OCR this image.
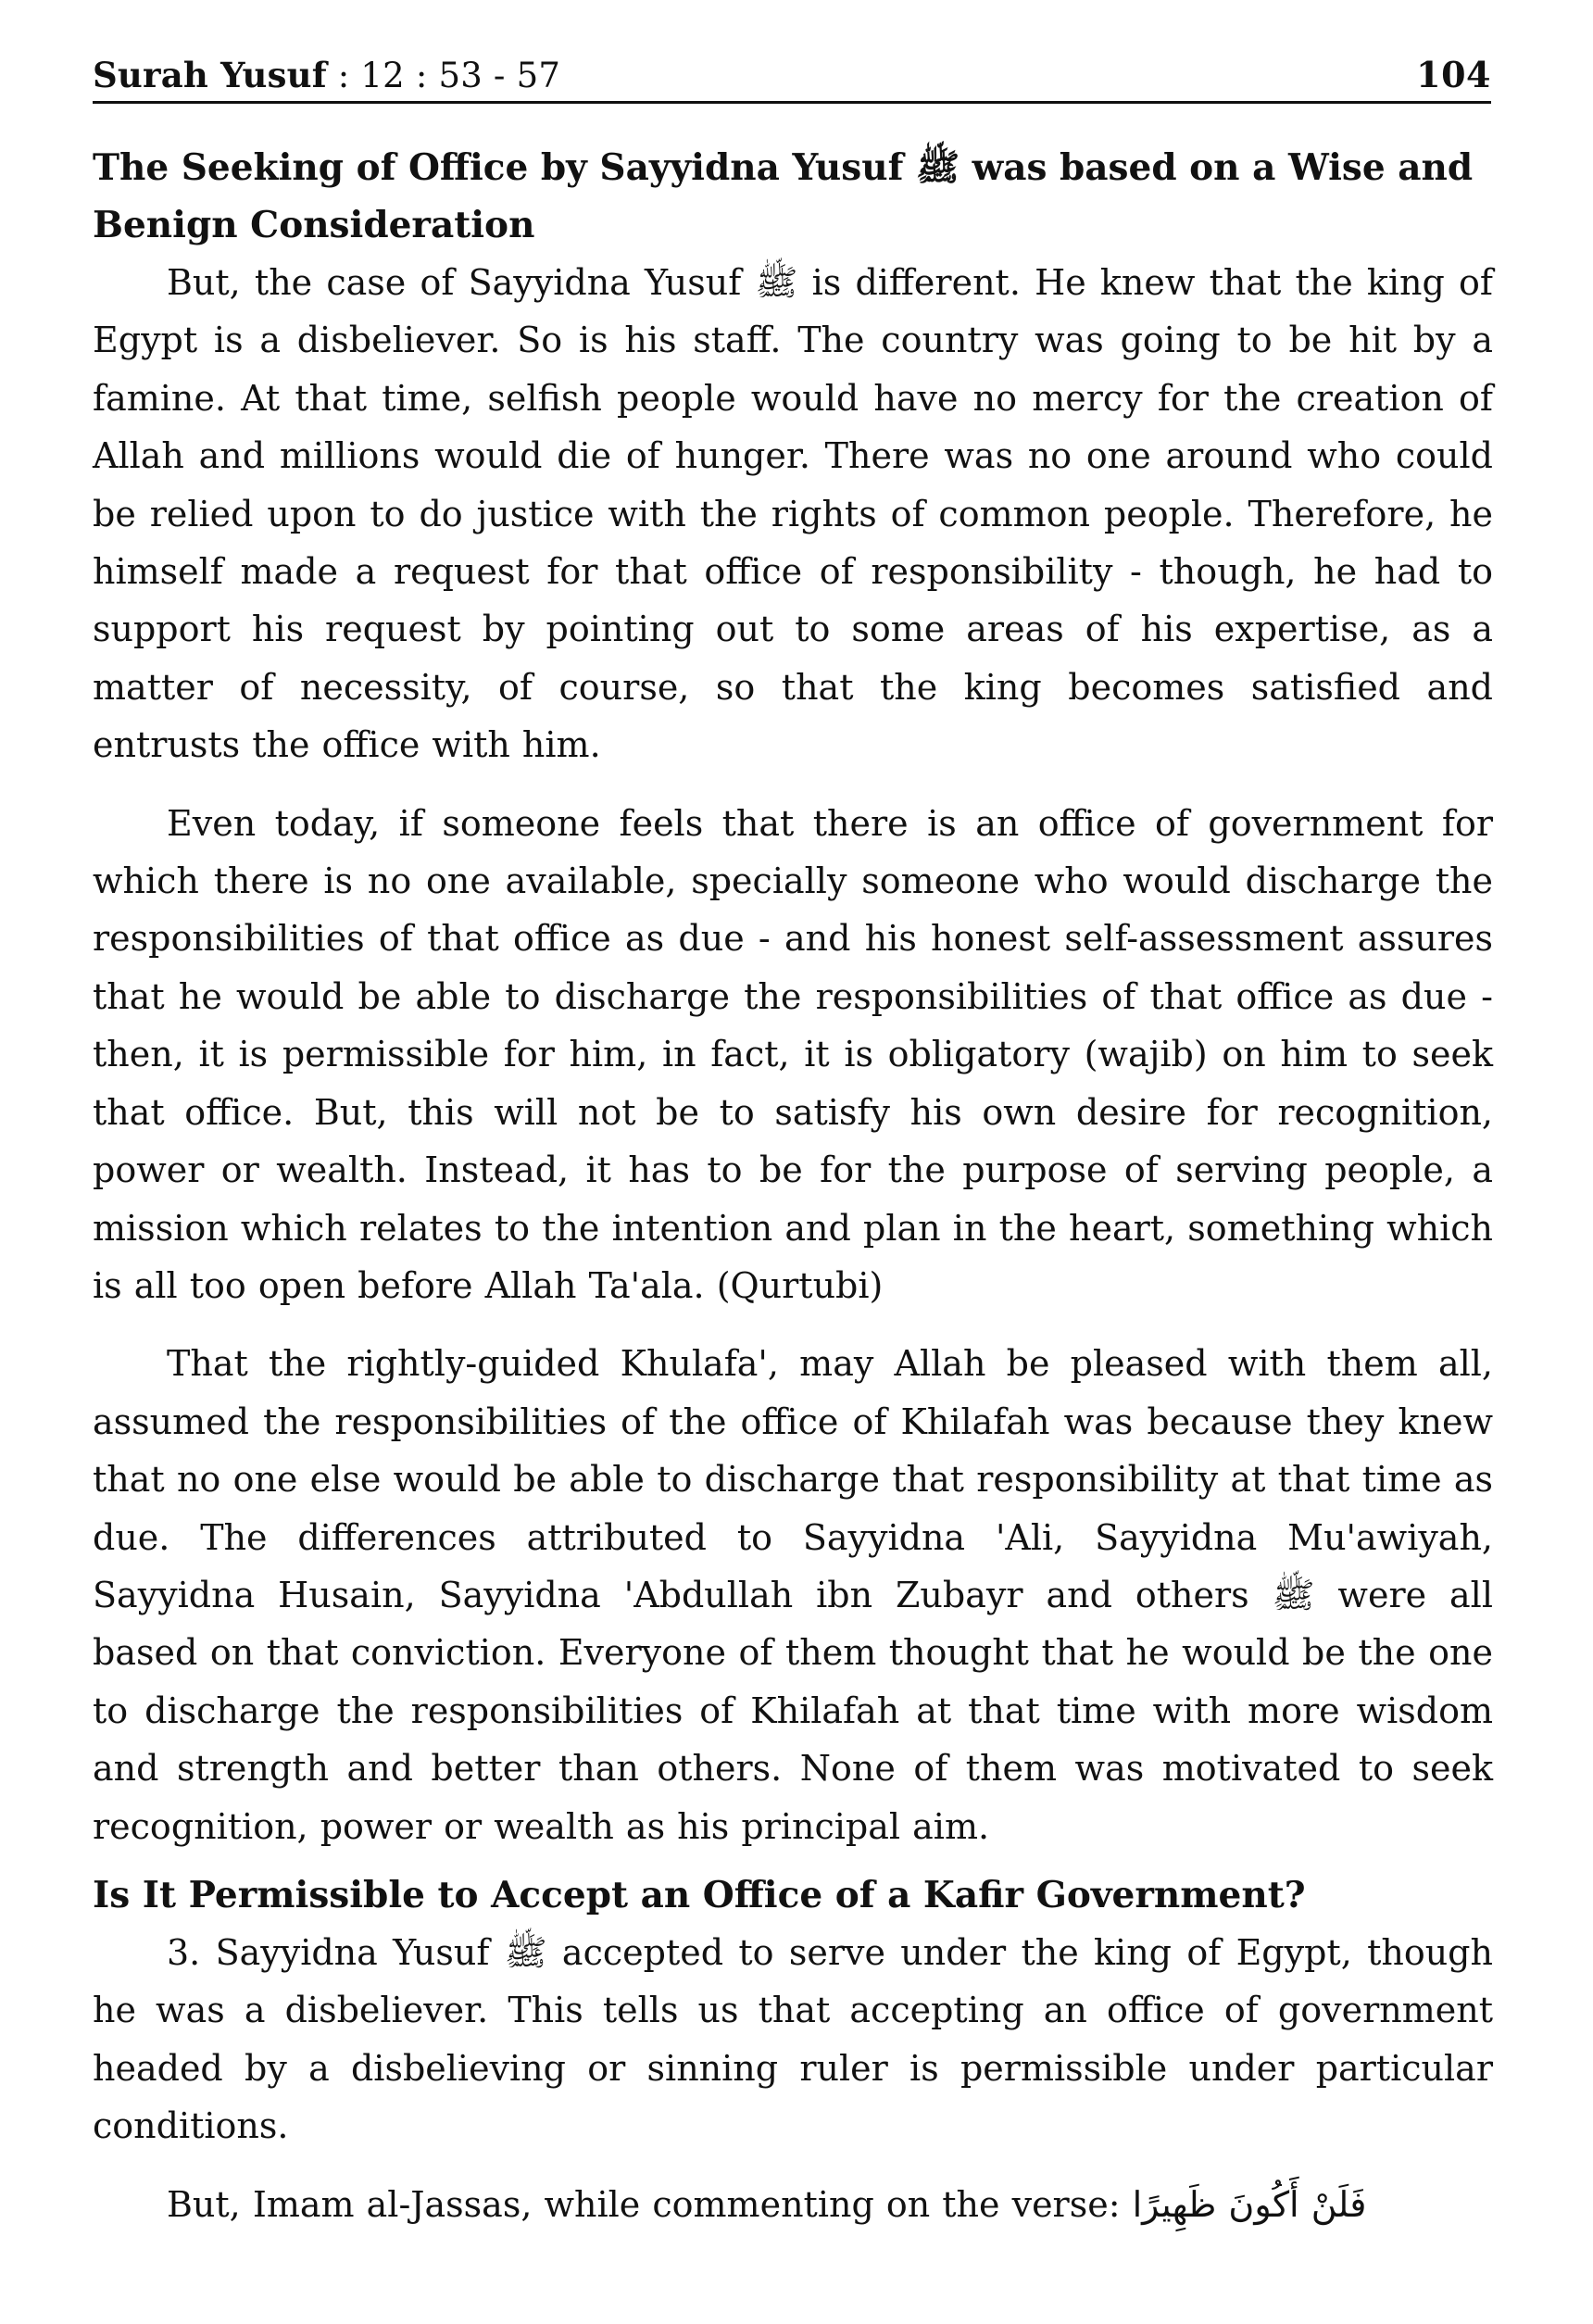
Surah Yusuf : 12 : 53 - 57	104
The Seeking of Office by Sayyidna Yusuf ﷺ was based on a Wise and Benign Consideration

But, the case of Sayyidna Yusuf ﷺ is different. He knew that the king of Egypt is a disbeliever. So is his staff. The country was going to be hit by a famine. At that time, selfish people would have no mercy for the creation of Allah and millions would die of hunger. There was no one around who could be relied upon to do justice with the rights of common people. Therefore, he himself made a request for that office of responsibility - though, he had to support his request by pointing out to some areas of his expertise, as a matter of necessity, of course, so that the king becomes satisfied and entrusts the office with him.

Even today, if someone feels that there is an office of government for which there is no one available, specially someone who would discharge the responsibilities of that office as due - and his honest self-assessment assures that he would be able to discharge the responsibilities of that office as due - then, it is permissible for him, in fact, it is obligatory (wajib) on him to seek that office. But, this will not be to satisfy his own desire for recognition, power or wealth. Instead, it has to be for the purpose of serving people, a mission which relates to the intention and plan in the heart, something which is all too open before Allah Ta'ala. (Qurtubi)

That the rightly-guided Khulafa', may Allah be pleased with them all, assumed the responsibilities of the office of Khilafah was because they knew that no one else would be able to discharge that responsibility at that time as due. The differences attributed to Sayyidna 'Ali, Sayyidna Mu'awiyah, Sayyidna Husain, Sayyidna 'Abdullah ibn Zubayr and others ﷺ were all based on that conviction. Everyone of them thought that he would be the one to discharge the responsibilities of Khilafah at that time with more wisdom and strength and better than others. None of them was motivated to seek recognition, power or wealth as his principal aim.

Is It Permissible to Accept an Office of a Kafir Government?

3. Sayyidna Yusuf ﷺ accepted to serve under the king of Egypt, though he was a disbeliever. This tells us that accepting an office of government headed by a disbelieving or sinning ruler is permissible under particular conditions.

But, Imam al-Jassas, while commenting on the verse: فَلَنْ أَكُونَ ظَهِيرًا
